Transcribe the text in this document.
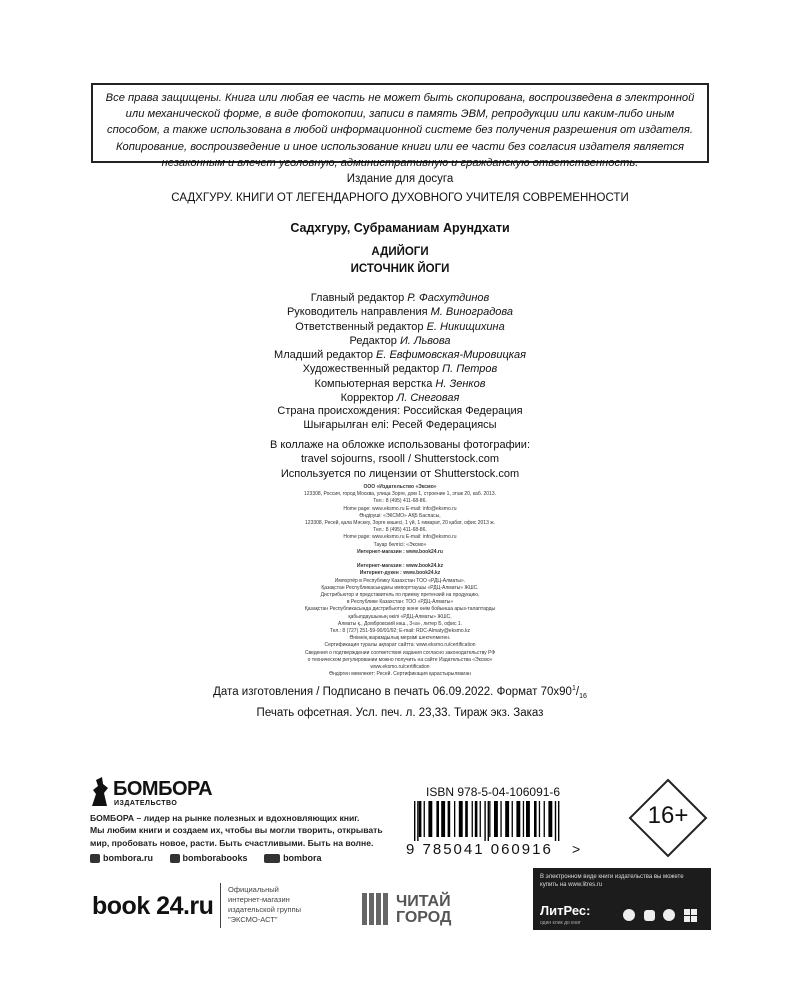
Все права защищены. Книга или любая ее часть не может быть скопирована, воспроизведена в электронной или механической форме, в виде фотокопии, записи в память ЭВМ, репродукции или каким-либо иным способом, а также использована в любой информационной системе без получения разрешения от издателя. Копирование, воспроизведение и иное использование книги или ее части без согласия издателя является незаконным и влечет уголовную, административную и гражданскую ответственность.
Издание для досуга
САДХГУРУ. КНИГИ ОТ ЛЕГЕНДАРНОГО ДУХОВНОГО УЧИТЕЛЯ СОВРЕМЕННОСТИ
Садхгуру, Субраманиам Арундхати
АДИЙОГИ
ИСТОЧНИК ЙОГИ
Главный редактор Р. Фасхутдинов
Руководитель направления М. Виноградова
Ответственный редактор Е. Никищихина
Редактор И. Львова
Младший редактор Е. Евфимовская-Мировицкая
Художественный редактор П. Петров
Компьютерная верстка Н. Зенков
Корректор Л. Снеговая
Страна происхождения: Российская Федерация
Шығарылған елі: Ресей Федерациясы
В коллаже на обложке использованы фотографии:
travel sojourns, rsooll / Shutterstock.com
Используется по лицензии от Shutterstock.com
ООО «Издательство «Эксмо»
123308, Россия, город Москва, улица Зорге, дом 1, строение 1, этаж 20, каб. 2013.
Тел.: 8 (495) 411-68-86.
Home page: www.eksmo.ru E-mail: info@eksmo.ru
Өндіруші: «ЭКСМО» АҚБ Баспасы,
123308, Ресей, қала Мәскеу, Зорге көшесі, 1 үй, 1 ғимарат, 20 қабат, офис 2013 ж.
Тел.: 8 (495) 411-68-86.
Home page: www.eksmo.ru E-mail: info@eksmo.ru
Тауар белгісі: «Эксмо»
Интернет-магазин : www.book24.ru

Интернет-магазин : www.book24.kz
Интернет-дүкен : www.book24.kz
Импортёр в Республику Казахстан ТОО «РДЦ-Алматы».
Қазақстан Республикасындағы импорттаушы «РДЦ-Алматы» ЖШС.
Дистрибьютор и представитель по приему претензий на продукцию,
в Республике Казахстан: ТОО «РДЦ-Алматы»
Қазақстан Республикасында дистрибьютор және өнім бойынша арыз-талаптарды
қабылдаушының өкілі «РДЦ-Алматы» ЖШС,
Алматы қ., Домбровский көш., 3«а», литер Б, офис 1.
Тел.: 8 (727) 251-59-90/91/92; E-mail: RDC-Almaty@eksmo.kz
Өнімнің жарамдылық мерзімі шектелмеген.
Сертификация туралы ақпарат сайтта: www.eksmo.ru/certification
Сведения о подтверждении соответствия издания согласно законодательству РФ
о техническом регулировании можно получить на сайте Издательства «Эксмо»
www.eksmo.ru/certification
Өндірген мемлекет: Ресей. Сертификация қарастырылмаған
Дата изготовления / Подписано в печать 06.09.2022. Формат $70x90^1/_{16}$
Печать офсетная. Усл. печ. л. 23,33. Тираж экз. Заказ
БОМБОРА
ИЗДАТЕЛЬСТВО
БОМБОРА – лидер на рынке полезных и вдохновляющих книг.
Мы любим книги и создаем их, чтобы вы могли творить, открывать
мир, пробовать новое, расти. Быть счастливыми. Быть на волне.
bombora.ru	bomborabooks	bombora
ISBN 978-5-04-106091-6
9 785041 060916 >
16+
book 24.ru
Официальный
интернет-магазин
издательской группы
"ЭКСМО-АСТ"
ЧИТАЙ
ГОРОД
В электронном виде книги издательства вы можете
купить на www.litres.ru
ЛитРес:
один клик до книг
